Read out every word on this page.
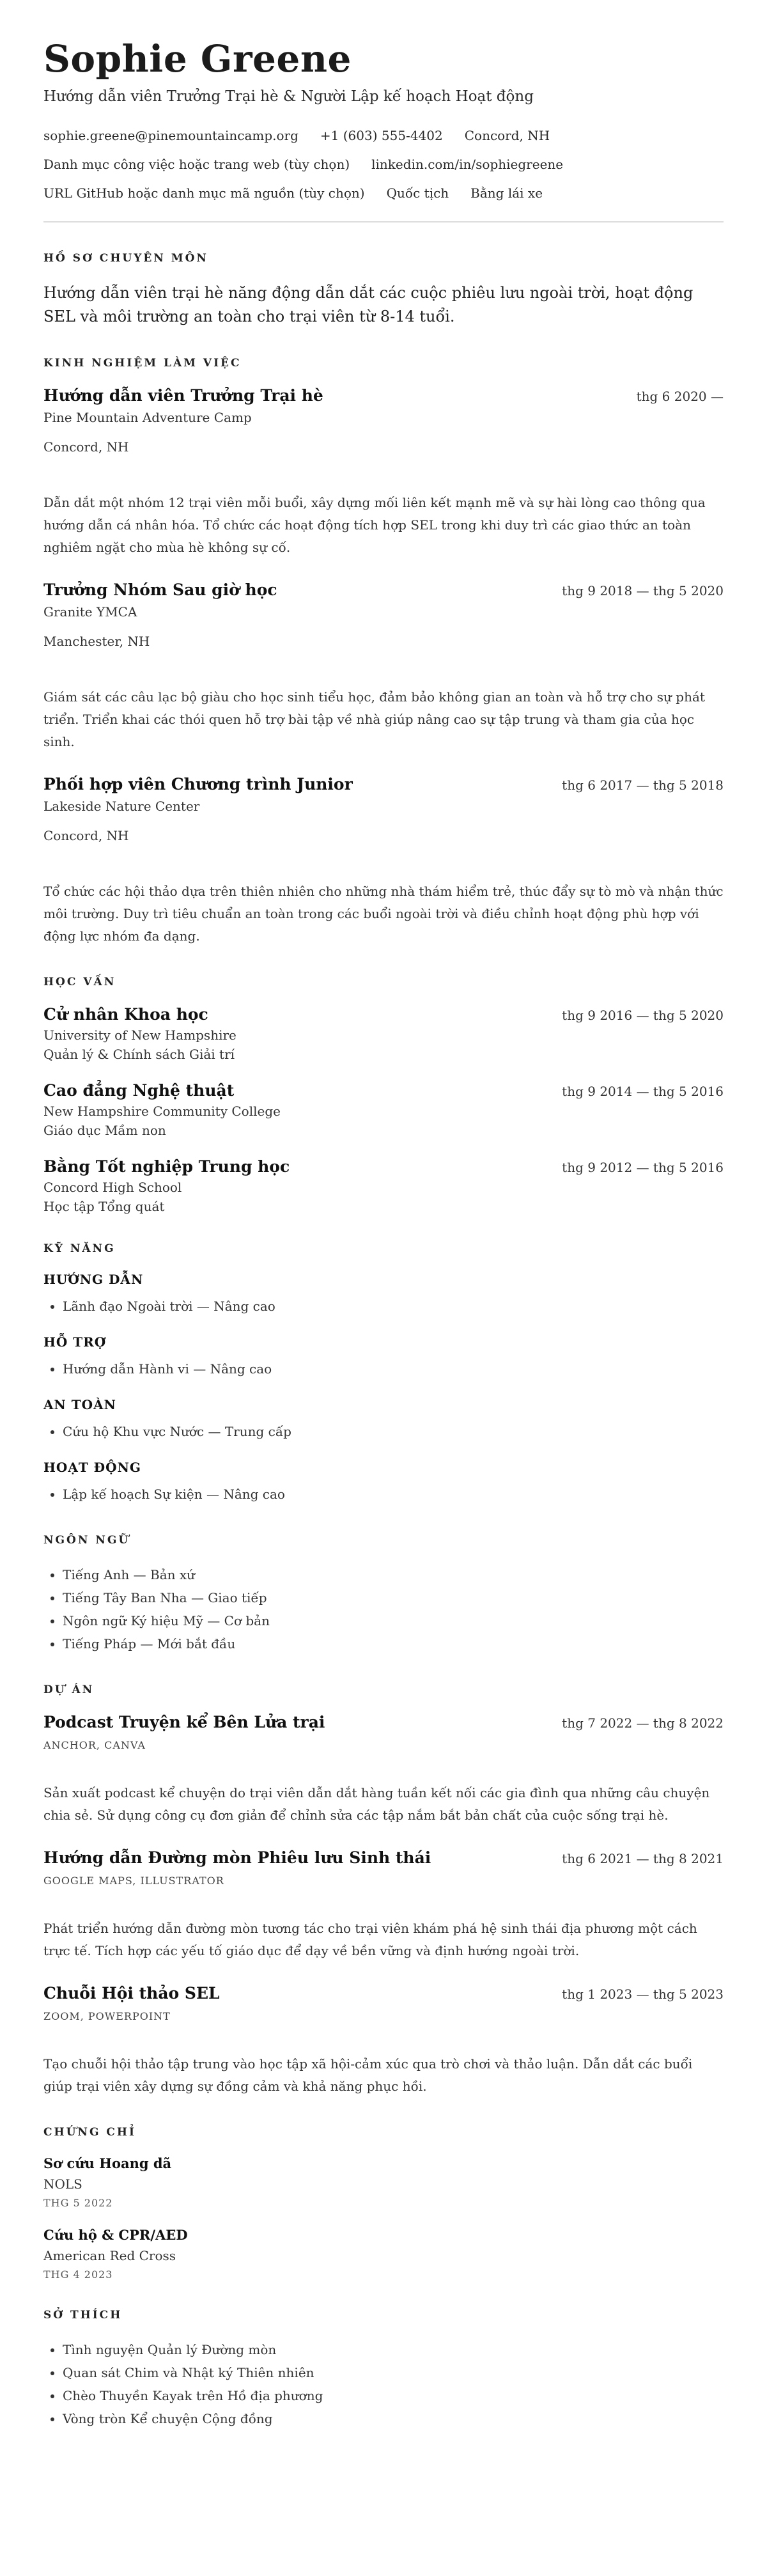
Sophie Greene
Hướng dẫn viên Trưởng Trại hè & Người Lập kế hoạch Hoạt động
sophie.greene@pinemountaincamp.org +1 (603) 555-4402 Concord, NH
Danh mục công việc hoặc trang web (tùy chọn) linkedin.com/in/sophiegreene
URL GitHub hoặc danh mục mã nguồn (tùy chọn) Quốc tịch Bằng lái xe
HỒ SƠ CHUYÊN MÔN
Hướng dẫn viên trại hè năng động dẫn dắt các cuộc phiêu lưu ngoài trời, hoạt động SEL và môi trường an toàn cho trại viên từ 8-14 tuổi.
KINH NGHIỆM LÀM VIỆC
Hướng dẫn viên Trưởng Trại hè	thg 6 2020 —
Pine Mountain Adventure Camp
Concord, NH
Dẫn dắt một nhóm 12 trại viên mỗi buổi, xây dựng mối liên kết mạnh mẽ và sự hài lòng cao thông qua hướng dẫn cá nhân hóa. Tổ chức các hoạt động tích hợp SEL trong khi duy trì các giao thức an toàn nghiêm ngặt cho mùa hè không sự cố.
Trưởng Nhóm Sau giờ học	thg 9 2018 — thg 5 2020
Granite YMCA
Manchester, NH
Giám sát các câu lạc bộ giàu cho học sinh tiểu học, đảm bảo không gian an toàn và hỗ trợ cho sự phát triển. Triển khai các thói quen hỗ trợ bài tập về nhà giúp nâng cao sự tập trung và tham gia của học sinh.
Phối hợp viên Chương trình Junior	thg 6 2017 — thg 5 2018
Lakeside Nature Center
Concord, NH
Tổ chức các hội thảo dựa trên thiên nhiên cho những nhà thám hiểm trẻ, thúc đẩy sự tò mò và nhận thức môi trường. Duy trì tiêu chuẩn an toàn trong các buổi ngoài trời và điều chỉnh hoạt động phù hợp với động lực nhóm đa dạng.
HỌC VẤN
Cử nhân Khoa học	thg 9 2016 — thg 5 2020
University of New Hampshire
Quản lý & Chính sách Giải trí
Cao đẳng Nghệ thuật	thg 9 2014 — thg 5 2016
New Hampshire Community College
Giáo dục Mầm non
Bằng Tốt nghiệp Trung học	thg 9 2012 — thg 5 2016
Concord High School
Học tập Tổng quát
KỸ NĂNG
HƯỚNG DẪN
• Lãnh đạo Ngoài trời — Nâng cao
HỖ TRỢ
• Hướng dẫn Hành vi — Nâng cao
AN TOÀN
• Cứu hộ Khu vực Nước — Trung cấp
HOẠT ĐỘNG
• Lập kế hoạch Sự kiện — Nâng cao
NGÔN NGỮ
• Tiếng Anh — Bản xứ
• Tiếng Tây Ban Nha — Giao tiếp
• Ngôn ngữ Ký hiệu Mỹ — Cơ bản
• Tiếng Pháp — Mới bắt đầu
DỰ ÁN
Podcast Truyện kể Bên Lửa trại	thg 7 2022 — thg 8 2022
ANCHOR, CANVA
Sản xuất podcast kể chuyện do trại viên dẫn dắt hàng tuần kết nối các gia đình qua những câu chuyện chia sẻ. Sử dụng công cụ đơn giản để chỉnh sửa các tập nắm bắt bản chất của cuộc sống trại hè.
Hướng dẫn Đường mòn Phiêu lưu Sinh thái	thg 6 2021 — thg 8 2021
GOOGLE MAPS, ILLUSTRATOR
Phát triển hướng dẫn đường mòn tương tác cho trại viên khám phá hệ sinh thái địa phương một cách trực tế. Tích hợp các yếu tố giáo dục để dạy về bền vững và định hướng ngoài trời.
Chuỗi Hội thảo SEL	thg 1 2023 — thg 5 2023
ZOOM, POWERPOINT
Tạo chuỗi hội thảo tập trung vào học tập xã hội-cảm xúc qua trò chơi và thảo luận. Dẫn dắt các buổi giúp trại viên xây dựng sự đồng cảm và khả năng phục hồi.
CHỨNG CHỈ
Sơ cứu Hoang dã
NOLS
THG 5 2022
Cứu hộ & CPR/AED
American Red Cross
THG 4 2023
SỞ THÍCH
• Tình nguyện Quản lý Đường mòn
• Quan sát Chim và Nhật ký Thiên nhiên
• Chèo Thuyền Kayak trên Hồ địa phương
• Vòng tròn Kể chuyện Cộng đồng
